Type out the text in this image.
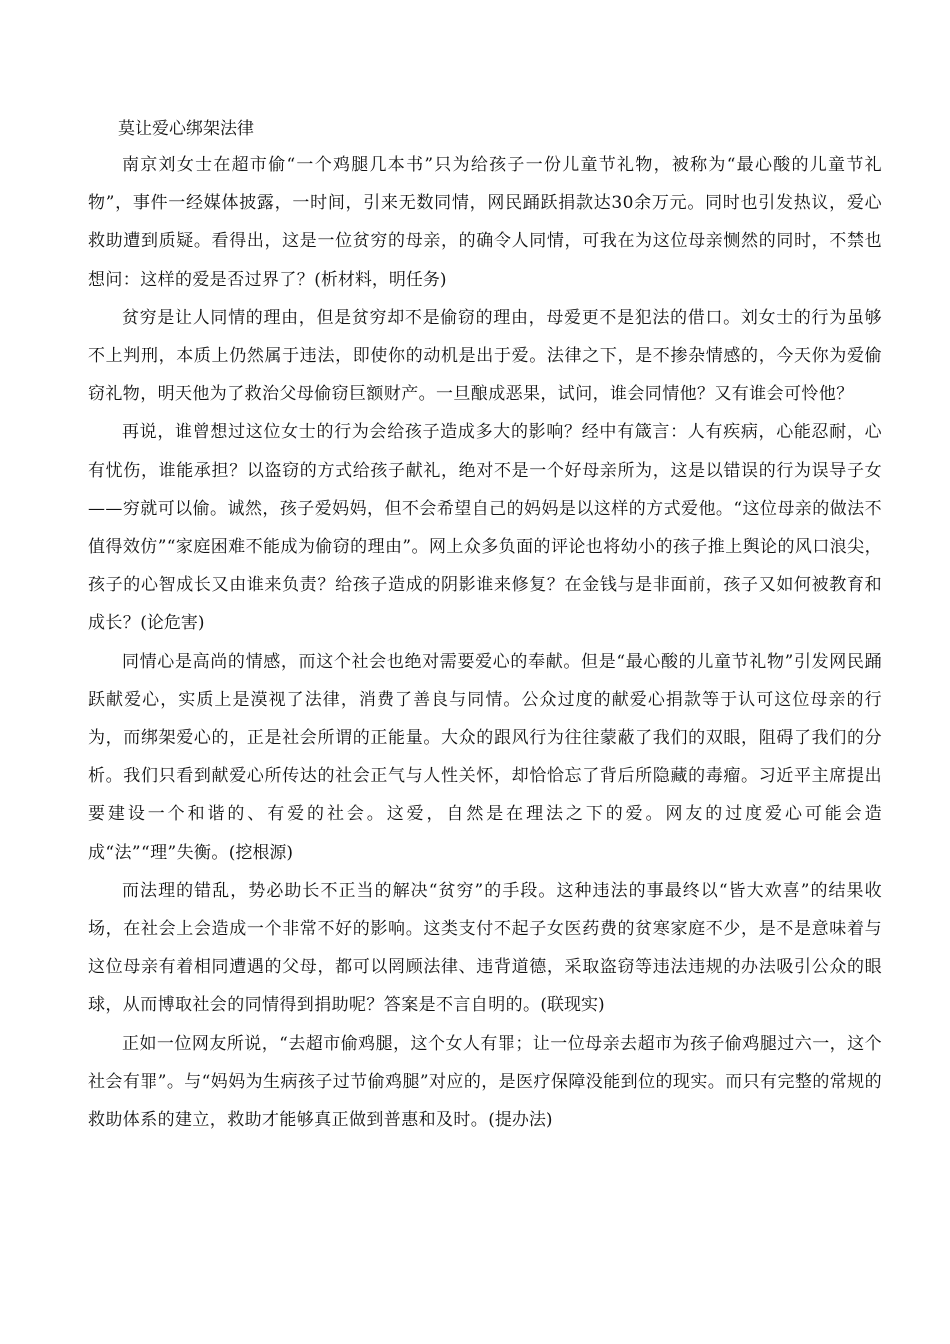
莫让爱心绑架法律

南京刘女士在超市偷“一个鸡腿几本书”只为给孩子一份儿童节礼物，被称为“最心酸的儿童节礼物”，事件一经媒体披露，一时间，引来无数同情，网民踊跃捐款达30余万元。同时也引发热议，爱心救助遭到质疑。看得出，这是一位贫穷的母亲，的确令人同情，可我在为这位母亲恻然的同时，不禁也想问：这样的爱是否过界了？(析材料，明任务)

贫穷是让人同情的理由，但是贫穷却不是偷窃的理由，母爱更不是犯法的借口。刘女士的行为虽够不上判刑，本质上仍然属于违法，即使你的动机是出于爱。法律之下，是不掺杂情感的，今天你为爱偷窃礼物，明天他为了救治父母偷窃巨额财产。一旦酿成恶果，试问，谁会同情他？又有谁会可怜他？

再说，谁曾想过这位女士的行为会给孩子造成多大的影响？经中有箴言：人有疾病，心能忍耐，心有忧伤，谁能承担？以盗窃的方式给孩子献礼，绝对不是一个好母亲所为，这是以错误的行为误导子女——穷就可以偷。诚然，孩子爱妈妈，但不会希望自己的妈妈是以这样的方式爱他。“这位母亲的做法不值得效仿”“家庭困难不能成为偷窃的理由”。网上众多负面的评论也将幼小的孩子推上舆论的风口浪尖，孩子的心智成长又由谁来负责？给孩子造成的阴影谁来修复？在金钱与是非面前，孩子又如何被教育和成长？(论危害)

同情心是高尚的情感，而这个社会也绝对需要爱心的奉献。但是“最心酸的儿童节礼物”引发网民踊跃献爱心，实质上是漠视了法律，消费了善良与同情。公众过度的献爱心捐款等于认可这位母亲的行为，而绑架爱心的，正是社会所谓的正能量。大众的跟风行为往往蒙蔽了我们的双眼，阻碍了我们的分析。我们只看到献爱心所传达的社会正气与人性关怀，却恰恰忘了背后所隐藏的毒瘤。习近平主席提出要建设一个和谐的、有爱的社会。这爱，自然是在理法之下的爱。网友的过度爱心可能会造成“法”“理”失衡。(挖根源)

而法理的错乱，势必助长不正当的解决“贫穷”的手段。这种违法的事最终以“皆大欢喜”的结果收场，在社会上会造成一个非常不好的影响。这类支付不起子女医药费的贫寒家庭不少，是不是意味着与这位母亲有着相同遭遇的父母，都可以罔顾法律、违背道德，采取盗窃等违法违规的办法吸引公众的眼球，从而博取社会的同情得到捐助呢？答案是不言自明的。(联现实)

正如一位网友所说，“去超市偷鸡腿，这个女人有罪；让一位母亲去超市为孩子偷鸡腿过六一，这个社会有罪”。与“妈妈为生病孩子过节偷鸡腿”对应的，是医疗保障没能到位的现实。而只有完整的常规的救助体系的建立，救助才能够真正做到普惠和及时。(提办法)
